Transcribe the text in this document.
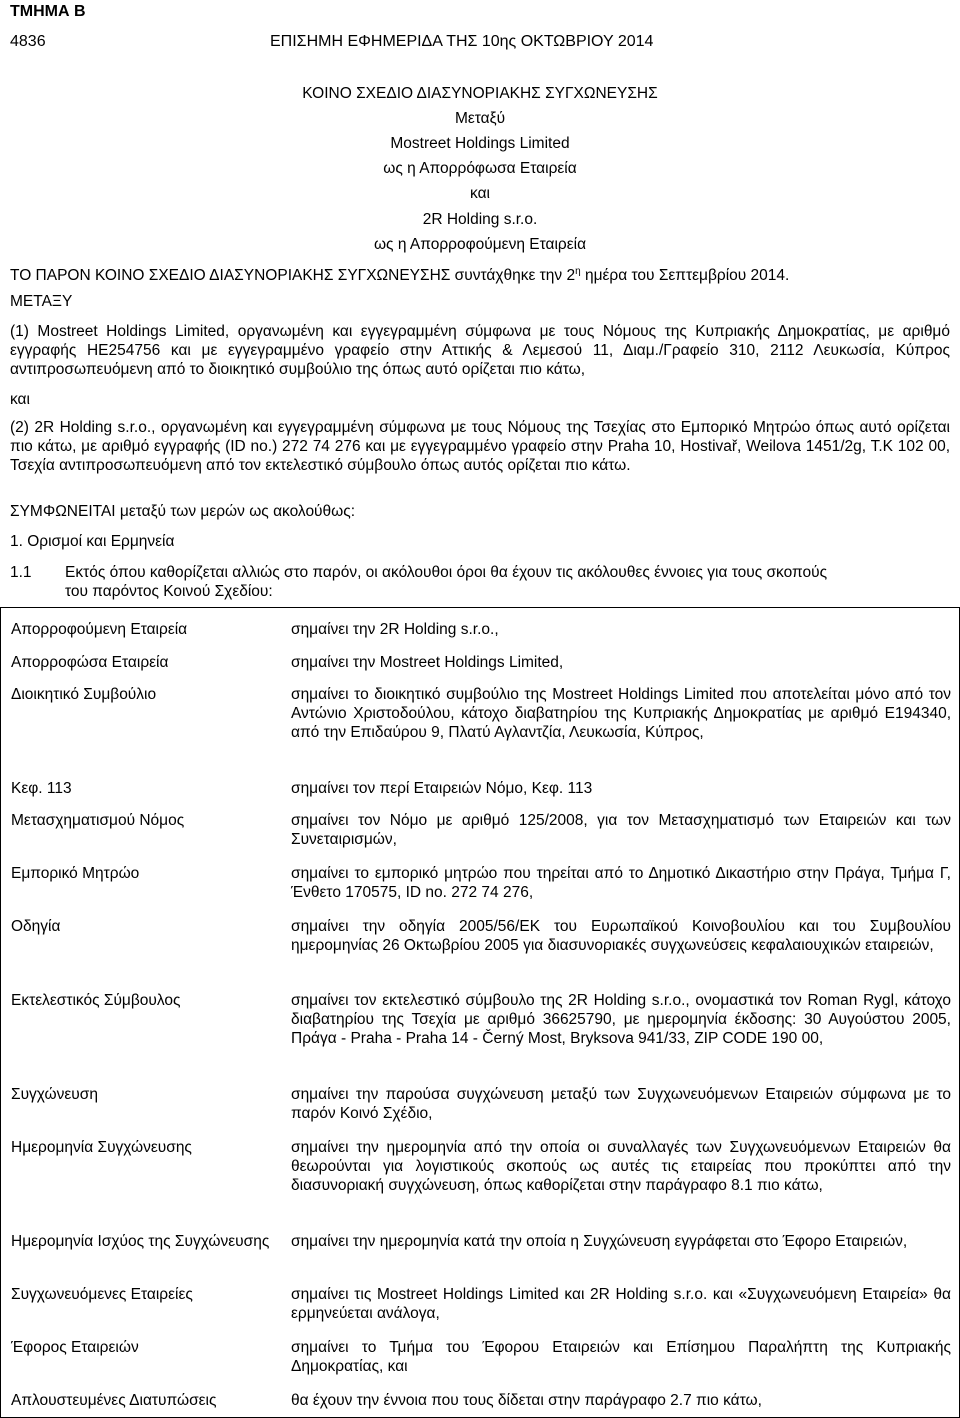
ΤΜΗΜΑ Β
4836	ΕΠΙΣΗΜΗ ΕΦΗΜΕΡΙΔΑ ΤΗΣ 10ης ΟΚΤΩΒΡΙΟΥ 2014
ΚΟΙΝΟ ΣΧΕΔΙΟ ΔΙΑΣΥΝΟΡΙΑΚΗΣ ΣΥΓΧΩΝΕΥΣΗΣ
Μεταξύ
Mostreet Holdings Limited
ως η Απορρόφωσα Εταιρεία
και
2R Holding s.r.o.
ως η Απορροφούμενη Εταιρεία
ΤΟ ΠΑΡΟΝ ΚΟΙΝΟ ΣΧΕΔΙΟ ΔΙΑΣΥΝΟΡΙΑΚΗΣ ΣΥΓΧΩΝΕΥΣΗΣ συντάχθηκε την $2^\eta$ ημέρα του Σεπτεμβρίου 2014.
ΜΕΤΑΞΥ
(1) Mostreet Holdings Limited, οργανωμένη και εγγεγραμμένη σύμφωνα με τους Νόμους της Κυπριακής Δημοκρατίας, με αριθμό εγγραφής ΗΕ254756 και με εγγεγραμμένο γραφείο στην Αττικής & Λεμεσού 11, Διαμ./Γραφείο 310, 2112 Λευκωσία, Κύπρος αντιπροσωπευόμενη από το διοικητικό συμβούλιο της όπως αυτό ορίζεται πιο κάτω,
και
(2) 2R Holding s.r.o., οργανωμένη και εγγεγραμμένη σύμφωνα με τους Νόμους της Τσεχίας στο Εμπορικό Μητρώο όπως αυτό ορίζεται πιο κάτω, με αριθμό εγγραφής (ID no.) 272 74 276 και με εγγεγραμμένο γραφείο στην Praha 10, Hostivař, Weilova 1451/2g, T.K 102 00, Τσεχία αντιπροσωπευόμενη από τον εκτελεστικό σύμβουλο όπως αυτός ορίζεται πιο κάτω.
ΣΥΜΦΩΝΕΙΤΑΙ μεταξύ των μερών ως ακολούθως:
1. Ορισμοί και Ερμηνεία
1.1 Εκτός όπου καθορίζεται αλλιώς στο παρόν, οι ακόλουθοι όροι θα έχουν τις ακόλουθες έννοιες για τους σκοπούς
του παρόντος Κοινού Σχεδίου:
Απορροφούμενη Εταιρεία	σημαίνει την 2R Holding s.r.o.,
Απορροφώσα Εταιρεία	σημαίνει την Mostreet Holdings Limited,
Διοικητικό Συμβούλιο	σημαίνει το διοικητικό συμβούλιο της Mostreet Holdings Limited που αποτελείται μόνο από τον Αντώνιο Χριστοδούλου, κάτοχο διαβατηρίου της Κυπριακής Δημοκρατίας με αριθμό Ε194340, από την Επιδαύρου 9, Πλατύ Αγλαντζία, Λευκωσία, Κύπρος,
Κεφ. 113	σημαίνει τον περί Εταιρειών Νόμο, Κεφ. 113
Μετασχηματισμού Νόμος	σημαίνει τον Νόμο με αριθμό 125/2008, για τον Μετασχηματισμό των Εταιρειών και των Συνεταιρισμών,
Εμπορικό Μητρώο	σημαίνει το εμπορικό μητρώο που τηρείται από το Δημοτικό Δικαστήριο στην Πράγα, Τμήμα Γ, Ένθετο 170575, ID no. 272 74 276,
Οδηγία	σημαίνει την οδηγία 2005/56/ΕΚ του Ευρωπαϊκού Κοινοβουλίου και του Συμβουλίου ημερομηνίας 26 Οκτωβρίου 2005 για διασυνοριακές συγχωνεύσεις κεφαλαιουχικών εταιρειών,
Εκτελεστικός Σύμβουλος	σημαίνει τον εκτελεστικό σύμβουλο της 2R Holding s.r.o., ονομαστικά τον Roman Rygl, κάτοχο διαβατηρίου της Τσεχία με αριθμό 36625790, με ημερομηνία έκδοσης: 30 Αυγούστου 2005, Πράγα - Praha - Praha 14 - Černý Most, Bryksova 941/33, ZIP CODE 190 00,
Συγχώνευση	σημαίνει την παρούσα συγχώνευση μεταξύ των Συγχωνευόμενων Εταιρειών σύμφωνα με το παρόν Κοινό Σχέδιο,
Ημερομηνία Συγχώνευσης	σημαίνει την ημερομηνία από την οποία οι συναλλαγές των Συγχωνευόμενων Εταιρειών θα θεωρούνται για λογιστικούς σκοπούς ως αυτές τις εταιρείας που προκύπτει από την διασυνοριακή συγχώνευση, όπως καθορίζεται στην παράγραφο 8.1 πιο κάτω,
Ημερομηνία Ισχύος της Συγχώνευσης	σημαίνει την ημερομηνία κατά την οποία η Συγχώνευση εγγράφεται στο Έφορο Εταιρειών,
Συγχωνευόμενες Εταιρείες	σημαίνει τις Mostreet Holdings Limited και 2R Holding s.r.o. και «Συγχωνευόμενη Εταιρεία» θα ερμηνεύεται ανάλογα,
Έφορος Εταιρειών	σημαίνει το Τμήμα του Έφορου Εταιρειών και Επίσημου Παραλήπτη της Κυπριακής Δημοκρατίας, και
Απλουστευμένες Διατυπώσεις	θα έχουν την έννοια που τους δίδεται στην παράγραφο 2.7 πιο κάτω,
